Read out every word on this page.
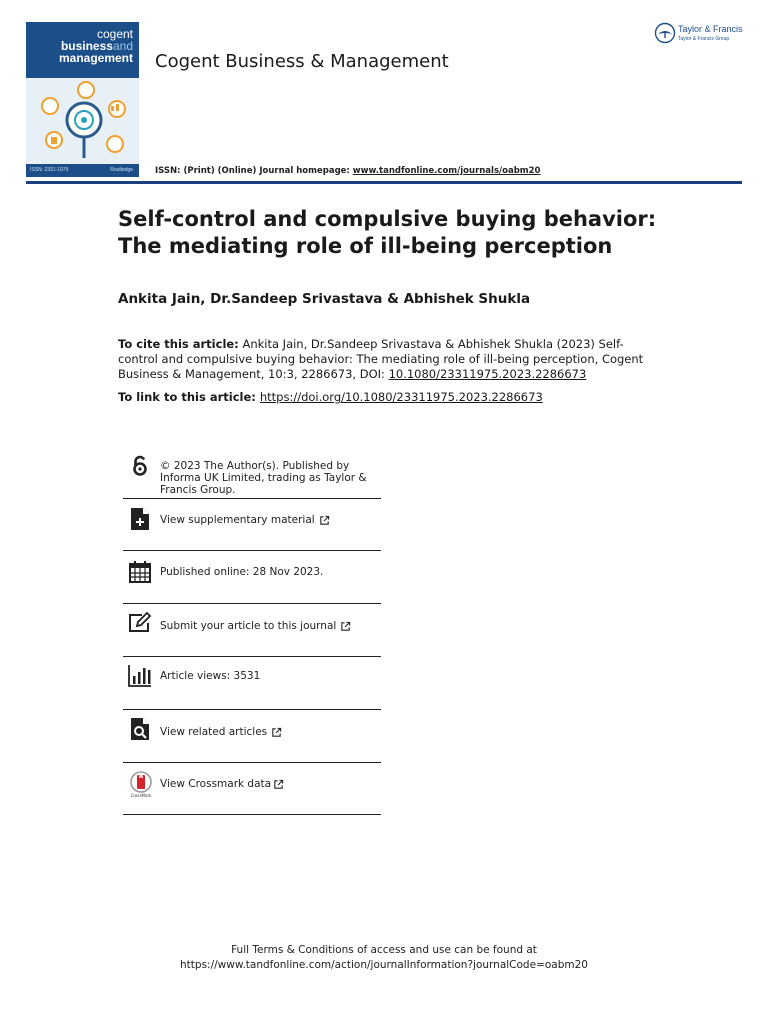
cogent
businessand
management
ISSN: 2331-1975	Routledge
Cogent Business & Management
Taylor & Francis
Taylor & Francis Group
ISSN: (Print) (Online) Journal homepage: www.tandfonline.com/journals/oabm20
Self-control and compulsive buying behavior: The mediating role of ill-being perception
Ankita Jain, Dr.Sandeep Srivastava & Abhishek Shukla
To cite this article: Ankita Jain, Dr.Sandeep Srivastava & Abhishek Shukla (2023) Self-control and compulsive buying behavior: The mediating role of ill-being perception, Cogent Business & Management, 10:3, 2286673, DOI: 10.1080/23311975.2023.2286673
To link to this article: https://doi.org/10.1080/23311975.2023.2286673
© 2023 The Author(s). Published by Informa UK Limited, trading as Taylor & Francis Group.
View supplementary material
Published online: 28 Nov 2023.
Submit your article to this journal
Article views: 3531
View related articles
CrossMark
View Crossmark data
Full Terms & Conditions of access and use can be found at
https://www.tandfonline.com/action/journalInformation?journalCode=oabm20
